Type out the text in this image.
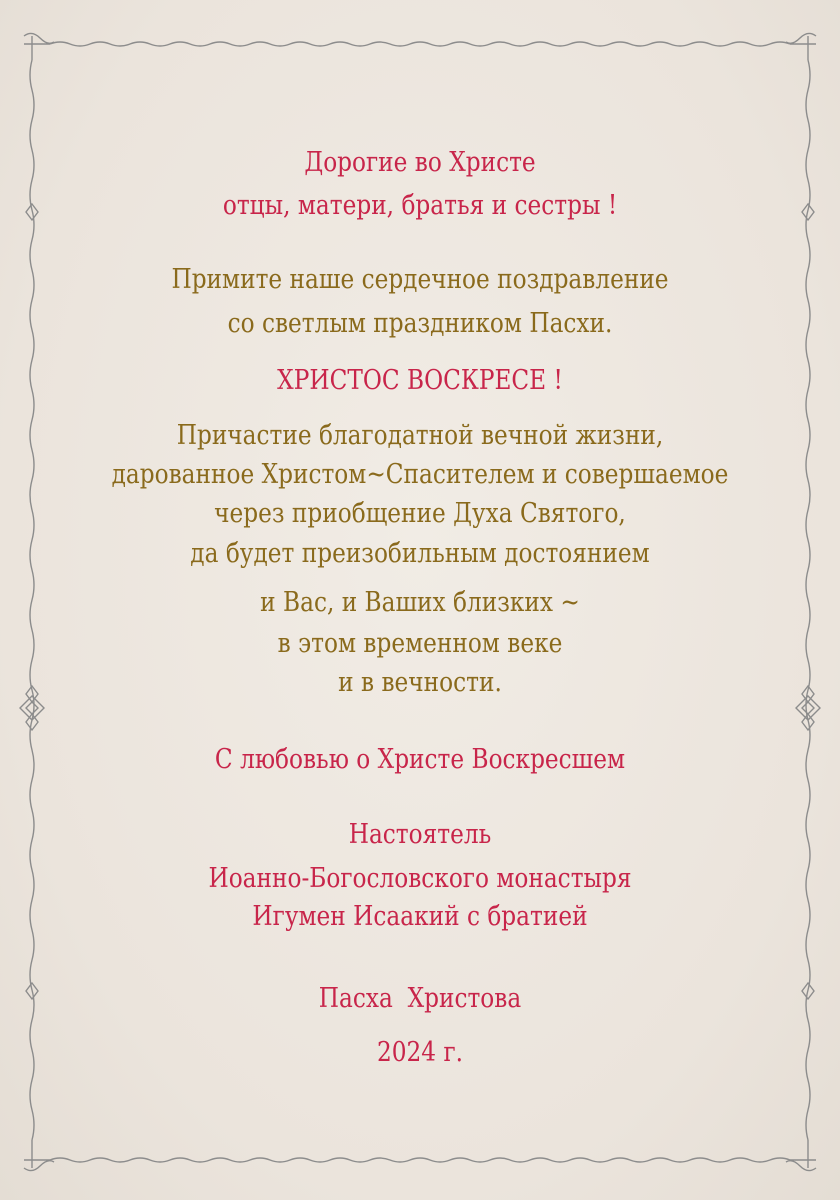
Дорогие во Христе
отцы, матери, братья и сестры !
Примите наше сердечное поздравление
со светлым праздником Пасхи.
ХРИСТОС ВОСКРЕСЕ !
Причастие благодатной вечной жизни,
дарованное Христом~Спасителем и совершаемое
через приобщение Духа Святого,
да будет преизобильным достоянием
и Вас, и Ваших близких ~
в этом временном веке
и в вечности.
С любовью о Христе Воскресшем
Настоятель
Иоанно-Богословского монастыря
Игумен Исаакий с братией
Пасха  Христова
2024 г.
